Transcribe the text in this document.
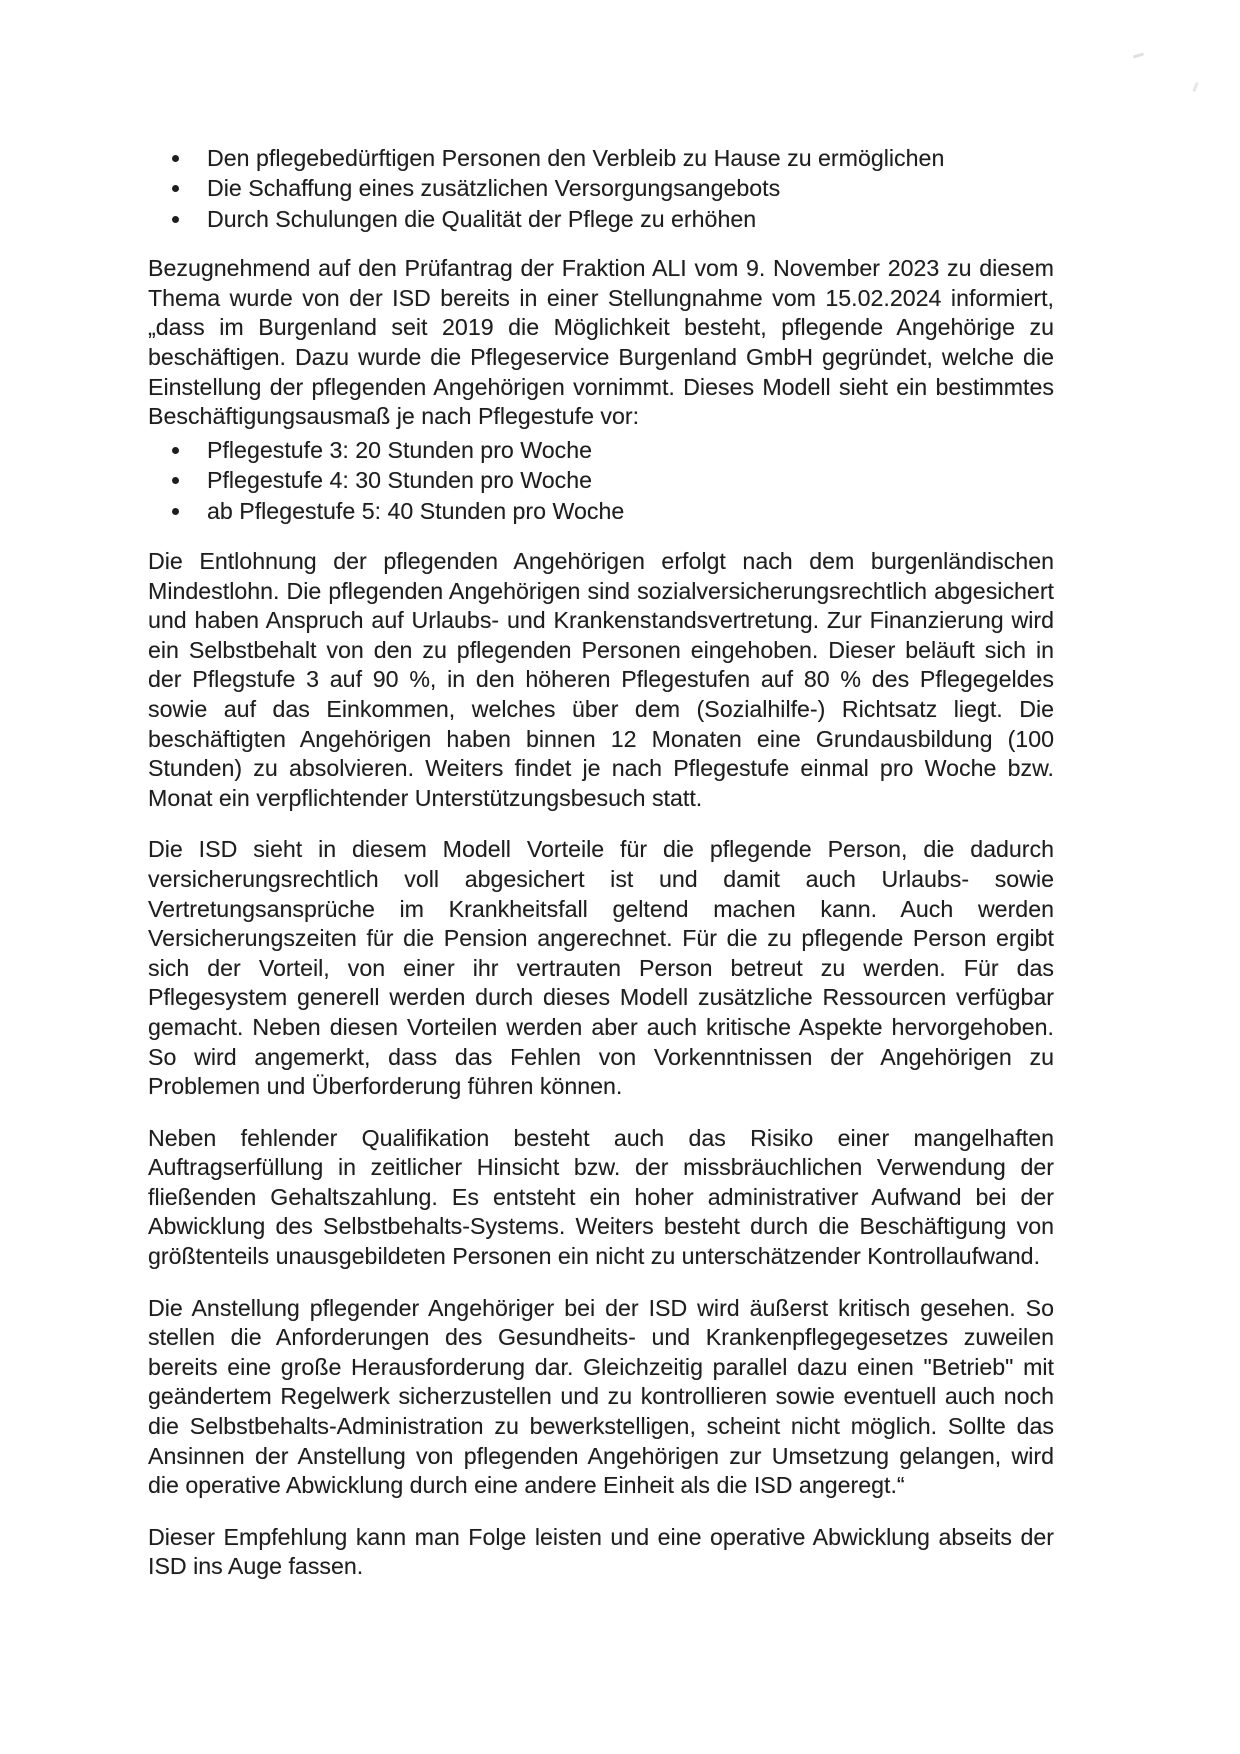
Den pflegebedürftigen Personen den Verbleib zu Hause zu ermöglichen
Die Schaffung eines zusätzlichen Versorgungsangebots
Durch Schulungen die Qualität der Pflege zu erhöhen

Bezugnehmend auf den Prüfantrag der Fraktion ALI vom 9. November 2023 zu diesem Thema wurde von der ISD bereits in einer Stellungnahme vom 15.02.2024 informiert, „dass im Burgenland seit 2019 die Möglichkeit besteht, pflegende Angehörige zu beschäftigen. Dazu wurde die Pflegeservice Burgenland GmbH gegründet, welche die Einstellung der pflegenden Angehörigen vornimmt. Dieses Modell sieht ein bestimmtes Beschäftigungsausmaß je nach Pflegestufe vor:

Pflegestufe 3: 20 Stunden pro Woche
Pflegestufe 4: 30 Stunden pro Woche
ab Pflegestufe 5: 40 Stunden pro Woche

Die Entlohnung der pflegenden Angehörigen erfolgt nach dem burgenländischen Mindestlohn. Die pflegenden Angehörigen sind sozialversicherungsrechtlich abgesichert und haben Anspruch auf Urlaubs- und Krankenstandsvertretung. Zur Finanzierung wird ein Selbstbehalt von den zu pflegenden Personen eingehoben. Dieser beläuft sich in der Pflegstufe 3 auf 90 %, in den höheren Pflegestufen auf 80 % des Pflegegeldes sowie auf das Einkommen, welches über dem (Sozialhilfe-) Richtsatz liegt. Die beschäftigten Angehörigen haben binnen 12 Monaten eine Grundausbildung (100 Stunden) zu absolvieren. Weiters findet je nach Pflegestufe einmal pro Woche bzw. Monat ein verpflichtender Unterstützungsbesuch statt.

Die ISD sieht in diesem Modell Vorteile für die pflegende Person, die dadurch versicherungsrechtlich voll abgesichert ist und damit auch Urlaubs- sowie Vertretungsansprüche im Krankheitsfall geltend machen kann. Auch werden Versicherungszeiten für die Pension angerechnet. Für die zu pflegende Person ergibt sich der Vorteil, von einer ihr vertrauten Person betreut zu werden. Für das Pflegesystem generell werden durch dieses Modell zusätzliche Ressourcen verfügbar gemacht. Neben diesen Vorteilen werden aber auch kritische Aspekte hervorgehoben. So wird angemerkt, dass das Fehlen von Vorkenntnissen der Angehörigen zu Problemen und Überforderung führen können.

Neben fehlender Qualifikation besteht auch das Risiko einer mangelhaften Auftragserfüllung in zeitlicher Hinsicht bzw. der missbräuchlichen Verwendung der fließenden Gehaltszahlung. Es entsteht ein hoher administrativer Aufwand bei der Abwicklung des Selbstbehalts-Systems. Weiters besteht durch die Beschäftigung von größtenteils unausgebildeten Personen ein nicht zu unterschätzender Kontrollaufwand.

Die Anstellung pflegender Angehöriger bei der ISD wird äußerst kritisch gesehen. So stellen die Anforderungen des Gesundheits- und Krankenpflegegesetzes zuweilen bereits eine große Herausforderung dar. Gleichzeitig parallel dazu einen "Betrieb" mit geändertem Regelwerk sicherzustellen und zu kontrollieren sowie eventuell auch noch die Selbstbehalts-Administration zu bewerkstelligen, scheint nicht möglich. Sollte das Ansinnen der Anstellung von pflegenden Angehörigen zur Umsetzung gelangen, wird die operative Abwicklung durch eine andere Einheit als die ISD angeregt.“

Dieser Empfehlung kann man Folge leisten und eine operative Abwicklung abseits der ISD ins Auge fassen.
